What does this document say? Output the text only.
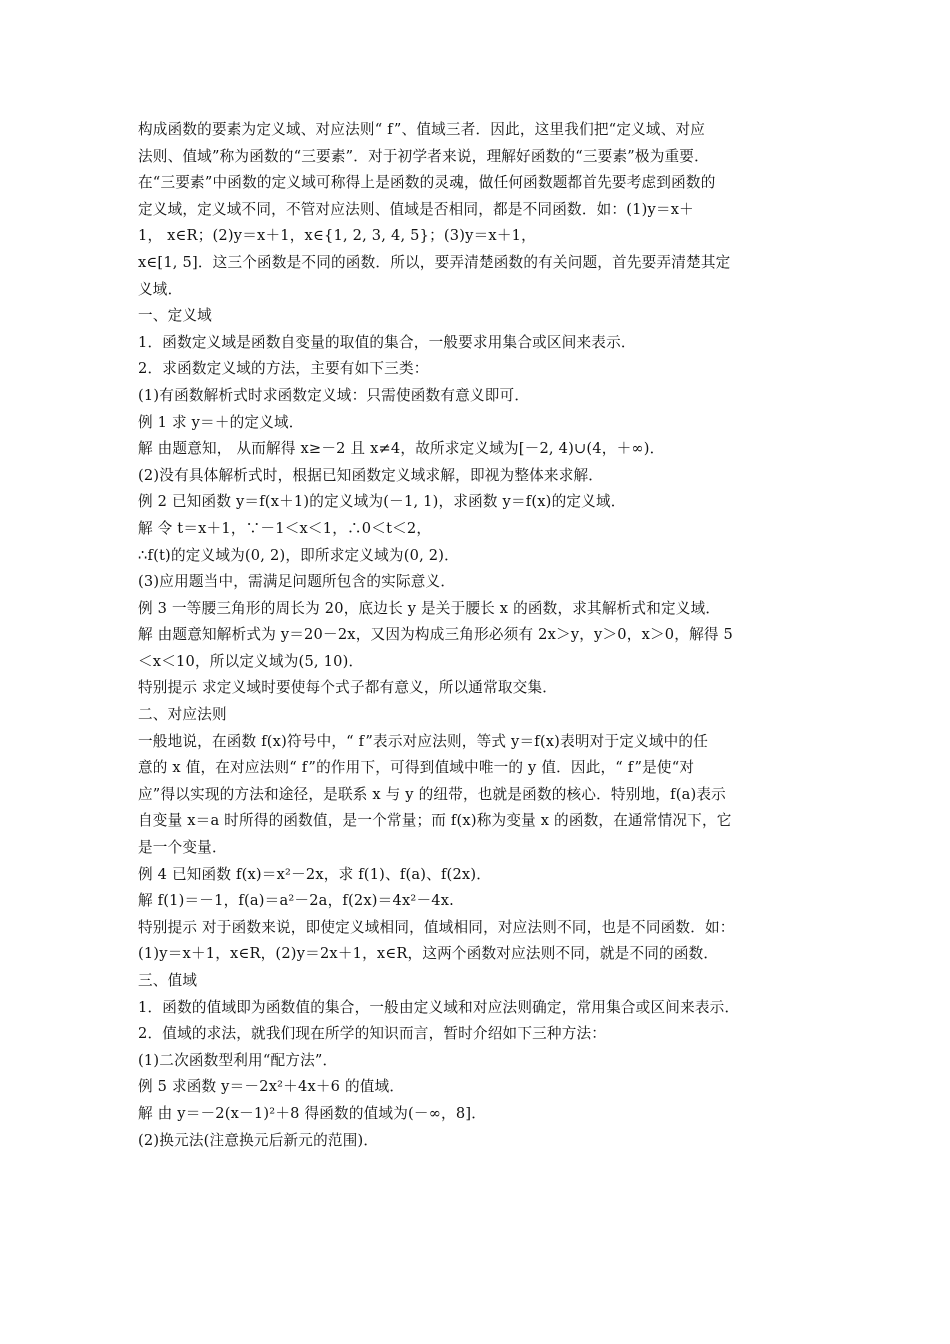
构成函数的要素为定义域、对应法则“ f”、值域三者．因此，这里我们把“定义域、对应
法则、值域”称为函数的“三要素”．对于初学者来说，理解好函数的“三要素”极为重要．
在“三要素”中函数的定义域可称得上是函数的灵魂，做任何函数题都首先要考虑到函数的
定义域，定义域不同，不管对应法则、值域是否相同，都是不同函数．如：(1)y＝x＋
1， x∈R；(2)y＝x＋1，x∈{1, 2, 3, 4, 5}；(3)y＝x＋1，
x∈[1, 5]．这三个函数是不同的函数．所以，要弄清楚函数的有关问题，首先要弄清楚其定
义域．
一、定义域
1．函数定义域是函数自变量的取值的集合，一般要求用集合或区间来表示．
2．求函数定义域的方法，主要有如下三类：
(1)有函数解析式时求函数定义域：只需使函数有意义即可．
例 1 求 y＝＋的定义域．
解 由题意知， 从而解得 x≥－2 且 x≠4，故所求定义域为[－2, 4)∪(4，＋∞)．
(2)没有具体解析式时，根据已知函数定义域求解，即视为整体来求解．
例 2 已知函数 y＝f(x＋1)的定义域为(－1, 1)，求函数 y＝f(x)的定义域．
解 令 t＝x＋1，∵－1＜x＜1，∴0＜t＜2，
∴f(t)的定义域为(0, 2)，即所求定义域为(0, 2)．
(3)应用题当中，需满足问题所包含的实际意义．
例 3 一等腰三角形的周长为 20，底边长 y 是关于腰长 x 的函数，求其解析式和定义域．
解 由题意知解析式为 y＝20－2x，又因为构成三角形必须有 2x＞y，y＞0，x＞0，解得 5
＜x＜10，所以定义域为(5, 10)．
特别提示 求定义域时要使每个式子都有意义，所以通常取交集．
二、对应法则
一般地说，在函数 f(x)符号中，“ f”表示对应法则，等式 y＝f(x)表明对于定义域中的任
意的 x 值，在对应法则“ f”的作用下，可得到值域中唯一的 y 值．因此，“ f”是使“对
应”得以实现的方法和途径，是联系 x 与 y 的纽带，也就是函数的核心．特别地，f(a)表示
自变量 x＝a 时所得的函数值，是一个常量；而 f(x)称为变量 x 的函数，在通常情况下，它
是一个变量．
例 4 已知函数 f(x)＝x²－2x，求 f(1)、f(a)、f(2x)．
解 f(1)＝－1，f(a)＝a²－2a，f(2x)＝4x²－4x.
特别提示 对于函数来说，即使定义域相同，值域相同，对应法则不同，也是不同函数．如：
(1)y＝x＋1，x∈R，(2)y＝2x＋1，x∈R，这两个函数对应法则不同，就是不同的函数．
三、值域
1．函数的值域即为函数值的集合，一般由定义域和对应法则确定，常用集合或区间来表示．
2．值域的求法，就我们现在所学的知识而言，暂时介绍如下三种方法：
(1)二次函数型利用“配方法”．
例 5 求函数 y＝－2x²＋4x＋6 的值域．
解 由 y＝－2(x－1)²＋8 得函数的值域为(－∞，8]．
(2)换元法(注意换元后新元的范围)．
